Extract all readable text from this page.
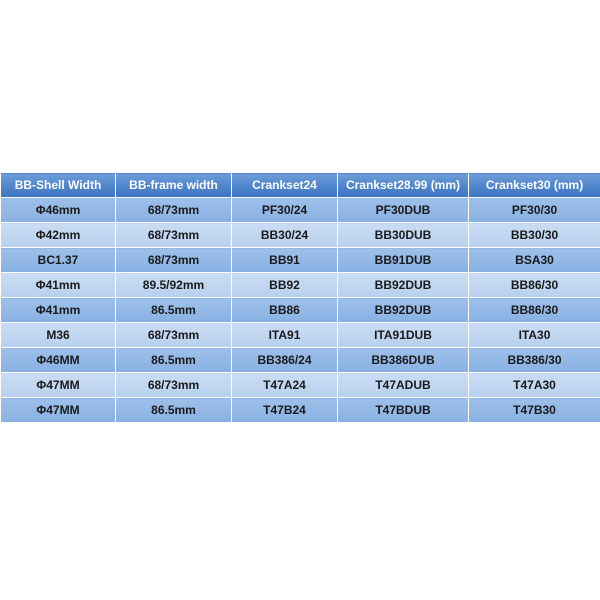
BB-Shell Width	BB-frame width	Crankset24	Crankset28.99 (mm)	Crankset30 (mm)
Φ46mm	68/73mm	PF30/24	PF30DUB	PF30/30
Φ42mm	68/73mm	BB30/24	BB30DUB	BB30/30
BC1.37	68/73mm	BB91	BB91DUB	BSA30
Φ41mm	89.5/92mm	BB92	BB92DUB	BB86/30
Φ41mm	86.5mm	BB86	BB92DUB	BB86/30
M36	68/73mm	ITA91	ITA91DUB	ITA30
Φ46MM	86.5mm	BB386/24	BB386DUB	BB386/30
Φ47MM	68/73mm	T47A24	T47ADUB	T47A30
Φ47MM	86.5mm	T47B24	T47BDUB	T47B30
